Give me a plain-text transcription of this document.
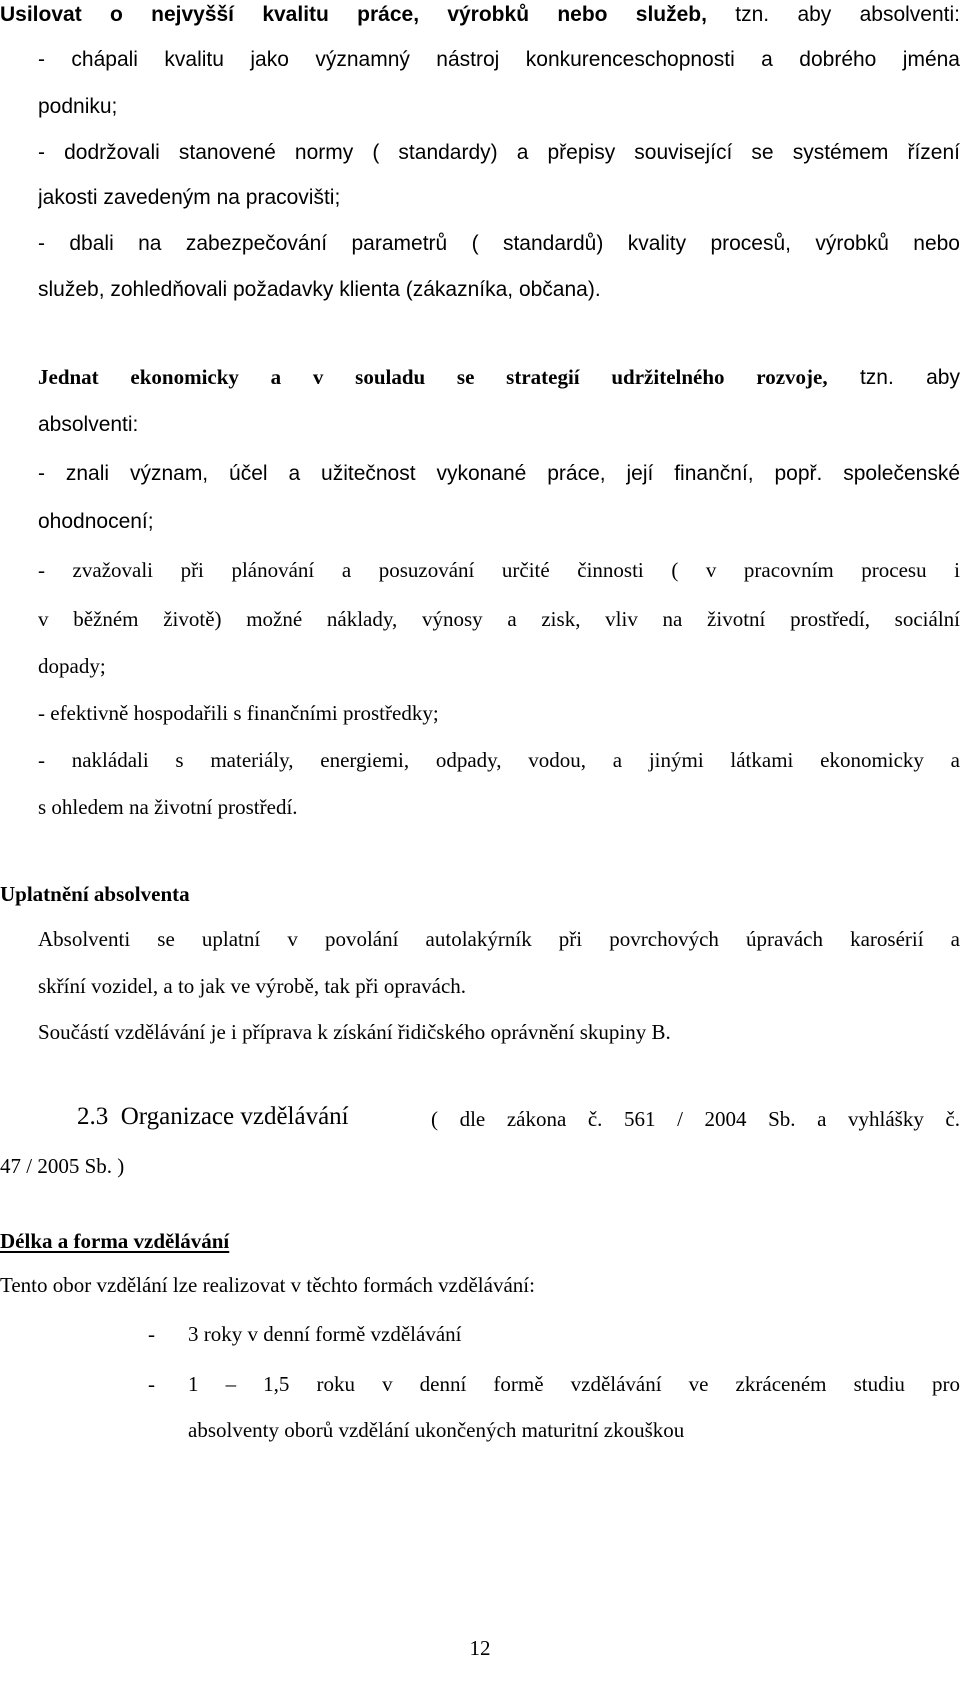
Usilovat o nejvyšší kvalitu práce, výrobků nebo služeb, tzn. aby absolventi:

- chápali kvalitu jako významný nástroj konkurenceschopnosti a dobrého jména

podniku;

- dodržovali stanovené normy ( standardy) a přepisy související se systémem řízení

jakosti zavedeným na pracovišti;

- dbali na zabezpečování parametrů ( standardů) kvality procesů, výrobků nebo

služeb, zohledňovali požadavky klienta (zákazníka, občana).

Jednat ekonomicky a v souladu se strategií udržitelného rozvoje, tzn. aby

absolventi:

- znali význam, účel a užitečnost vykonané práce, její finanční, popř. společenské

ohodnocení;

- zvažovali při plánování a posuzování určité činnosti ( v pracovním procesu i

v běžném životě) možné náklady, výnosy a zisk, vliv na životní prostředí, sociální

dopady;

- efektivně hospodařili s finančními prostředky;

- nakládali s materiály, energiemi, odpady, vodou, a jinými látkami ekonomicky a

s ohledem na životní prostředí.

Uplatnění absolventa

Absolventi se uplatní v povolání autolakýrník při povrchových úpravách karosérií a

skříní vozidel, a to jak ve výrobě, tak při opravách.

Součástí vzdělávání je i příprava k získání řidičského oprávnění skupiny B.

2.3 Organizace vzdělávání	( dle zákona č. 561 / 2004 Sb. a vyhlášky č.

47 / 2005 Sb. )

Délka a forma vzdělávání

Tento obor vzdělání lze realizovat v těchto formách vzdělávání:

-	3 roky v denní formě vzdělávání

-	1 – 1,5 roku v denní formě vzdělávání ve zkráceném studiu pro

absolventy oborů vzdělání ukončených maturitní zkouškou

12
